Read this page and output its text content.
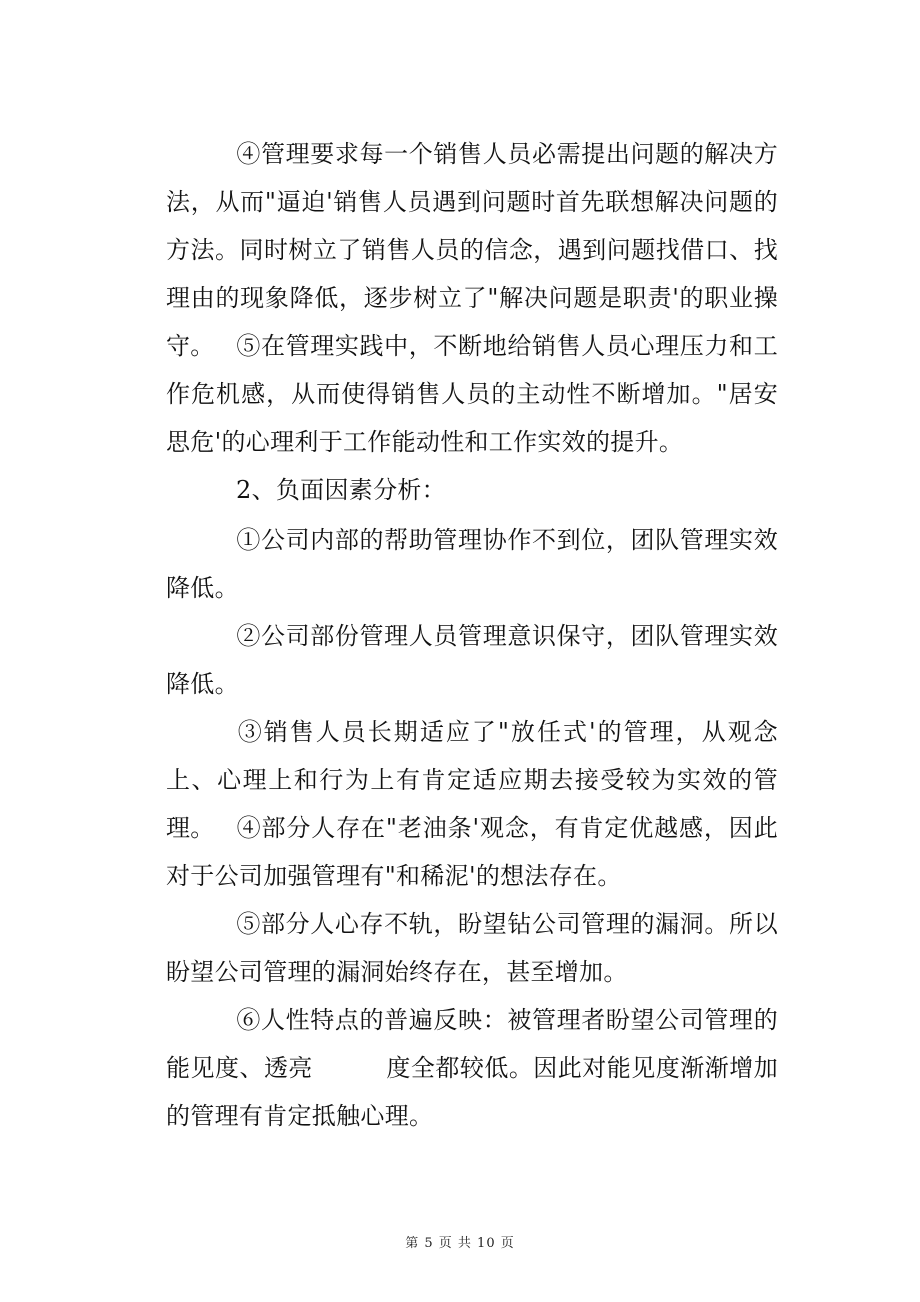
④管理要求每一个销售人员必需提出问题的解决方法，从而"逼迫'销售人员遇到问题时首先联想解决问题的方法。同时树立了销售人员的信念，遇到问题找借口、找理由的现象降低，逐步树立了"解决问题是职责'的职业操守。 ⑤在管理实践中，不断地给销售人员心理压力和工作危机感，从而使得销售人员的主动性不断增加。"居安思危'的心理利于工作能动性和工作实效的提升。

2、负面因素分析：

①公司内部的帮助管理协作不到位，团队管理实效降低。

②公司部份管理人员管理意识保守，团队管理实效降低。

③销售人员长期适应了"放任式'的管理，从观念上、心理上和行为上有肯定适应期去接受较为实效的管理。 ④部分人存在"老油条'观念，有肯定优越感，因此对于公司加强管理有"和稀泥'的想法存在。

⑤部分人心存不轨，盼望钻公司管理的漏洞。所以盼望公司管理的漏洞始终存在，甚至增加。

⑥人性特点的普遍反映：被管理者盼望公司管理的能见度、透亮　　　度全都较低。因此对能见度渐渐增加的管理有肯定抵触心理。

第 5 页 共 10 页
